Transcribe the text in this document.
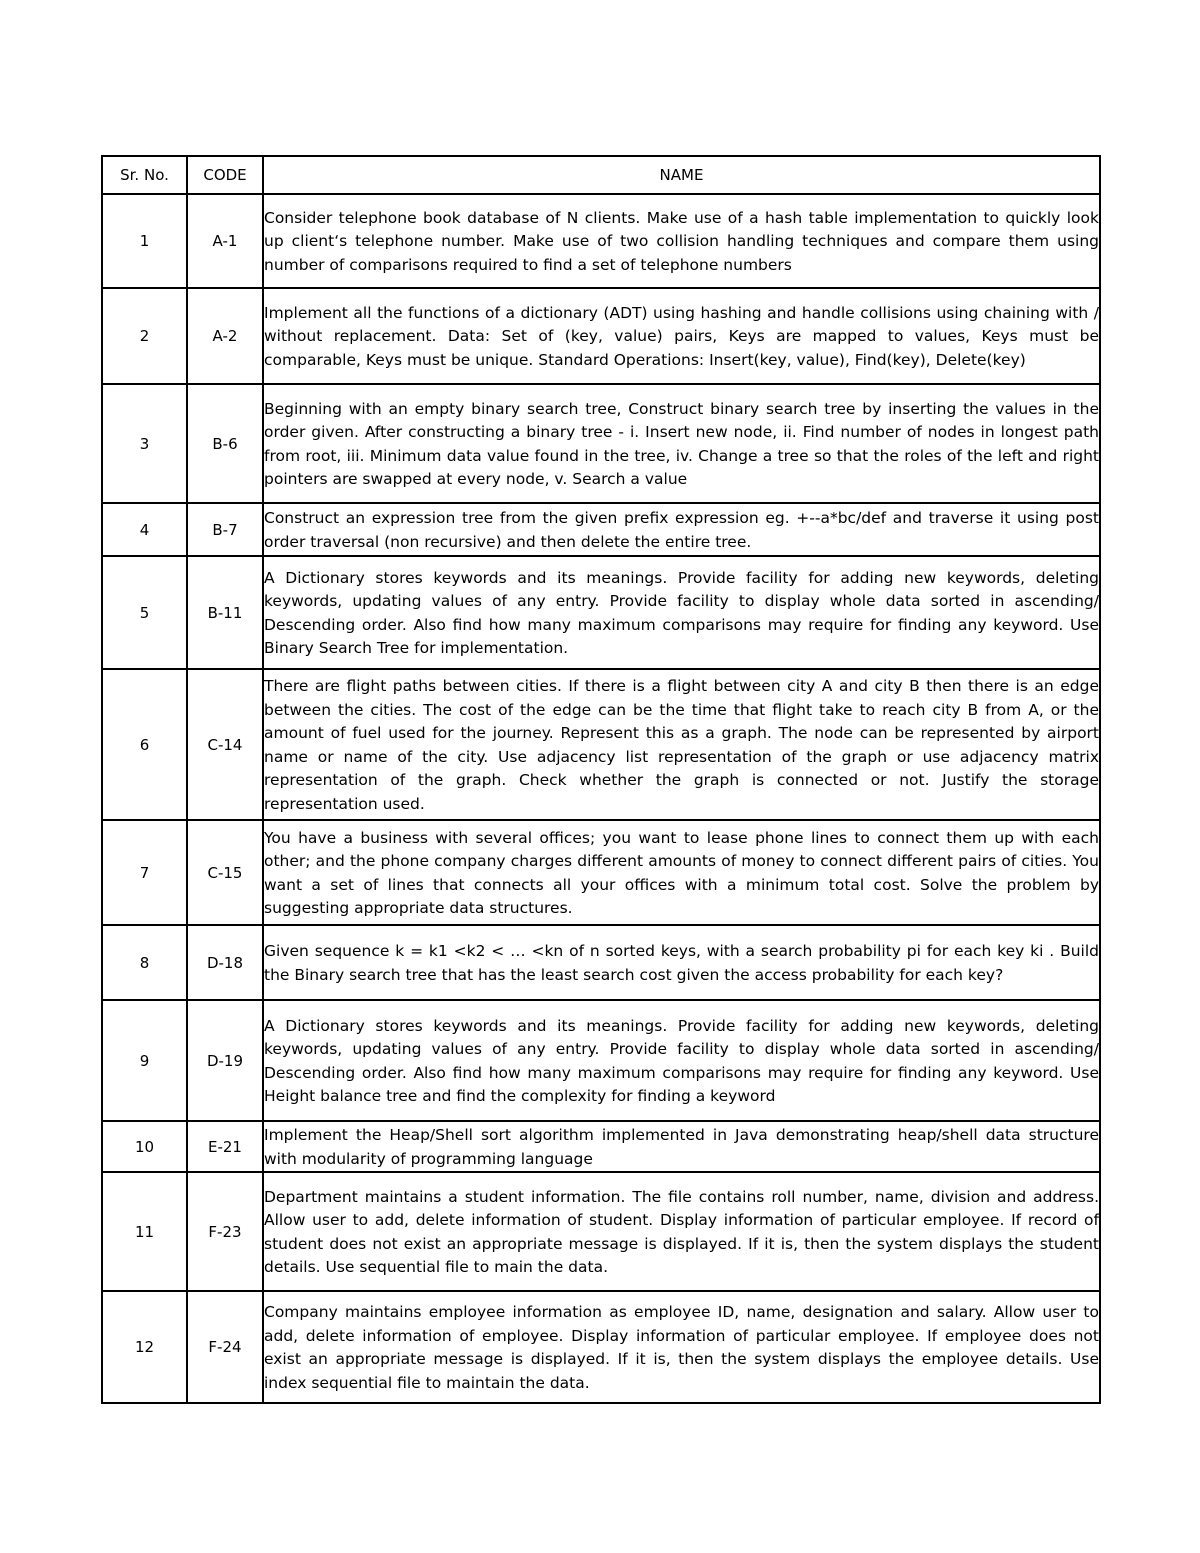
Sr. No.	CODE	NAME
1	A-1	Consider telephone book database of N clients. Make use of a hash table implementation to quickly look up client‘s telephone number. Make use of two collision handling techniques and compare them using number of comparisons required to find a set of telephone numbers

2	A-2	Implement all the functions of a dictionary (ADT) using hashing and handle collisions using chaining with / without replacement. Data: Set of (key, value) pairs, Keys are mapped to values, Keys must be comparable, Keys must be unique. Standard Operations: Insert(key, value), Find(key), Delete(key)

3	B-6	Beginning with an empty binary search tree, Construct binary search tree by inserting the values in the order given. After constructing a binary tree - i. Insert new node, ii. Find number of nodes in longest path from root, iii. Minimum data value found in the tree, iv. Change a tree so that the roles of the left and right pointers are swapped at every node, v. Search a value

4	B-7	Construct an expression tree from the given prefix expression eg. +--a*bc/def and traverse it using post order traversal (non recursive) and then delete the entire tree.

5	B-11	A Dictionary stores keywords and its meanings. Provide facility for adding new keywords, deleting keywords, updating values of any entry. Provide facility to display whole data sorted in ascending/ Descending order. Also find how many maximum comparisons may require for finding any keyword. Use Binary Search Tree for implementation.

6	C-14	There are flight paths between cities. If there is a flight between city A and city B then there is an edge between the cities. The cost of the edge can be the time that flight take to reach city B from A, or the amount of fuel used for the journey. Represent this as a graph. The node can be represented by airport name or name of the city. Use adjacency list representation of the graph or use adjacency matrix representation of the graph. Check whether the graph is connected or not. Justify the storage representation used.

7	C-15	You have a business with several offices; you want to lease phone lines to connect them up with each other; and the phone company charges different amounts of money to connect different pairs of cities. You want a set of lines that connects all your offices with a minimum total cost. Solve the problem by suggesting appropriate data structures.

8	D-18	Given sequence k = k1 <k2 < … <kn of n sorted keys, with a search probability pi for each key ki . Build the Binary search tree that has the least search cost given the access probability for each key?

9	D-19	A Dictionary stores keywords and its meanings. Provide facility for adding new keywords, deleting keywords, updating values of any entry. Provide facility to display whole data sorted in ascending/ Descending order. Also find how many maximum comparisons may require for finding any keyword. Use Height balance tree and find the complexity for finding a keyword

10	E-21	Implement the Heap/Shell sort algorithm implemented in Java demonstrating heap/shell data structure with modularity of programming language

11	F-23	Department maintains a student information. The file contains roll number, name, division and address. Allow user to add, delete information of student. Display information of particular employee. If record of student does not exist an appropriate message is displayed. If it is, then the system displays the student details. Use sequential file to main the data.

12	F-24	Company maintains employee information as employee ID, name, designation and salary. Allow user to add, delete information of employee. Display information of particular employee. If employee does not exist an appropriate message is displayed. If it is, then the system displays the employee details. Use index sequential file to maintain the data.
